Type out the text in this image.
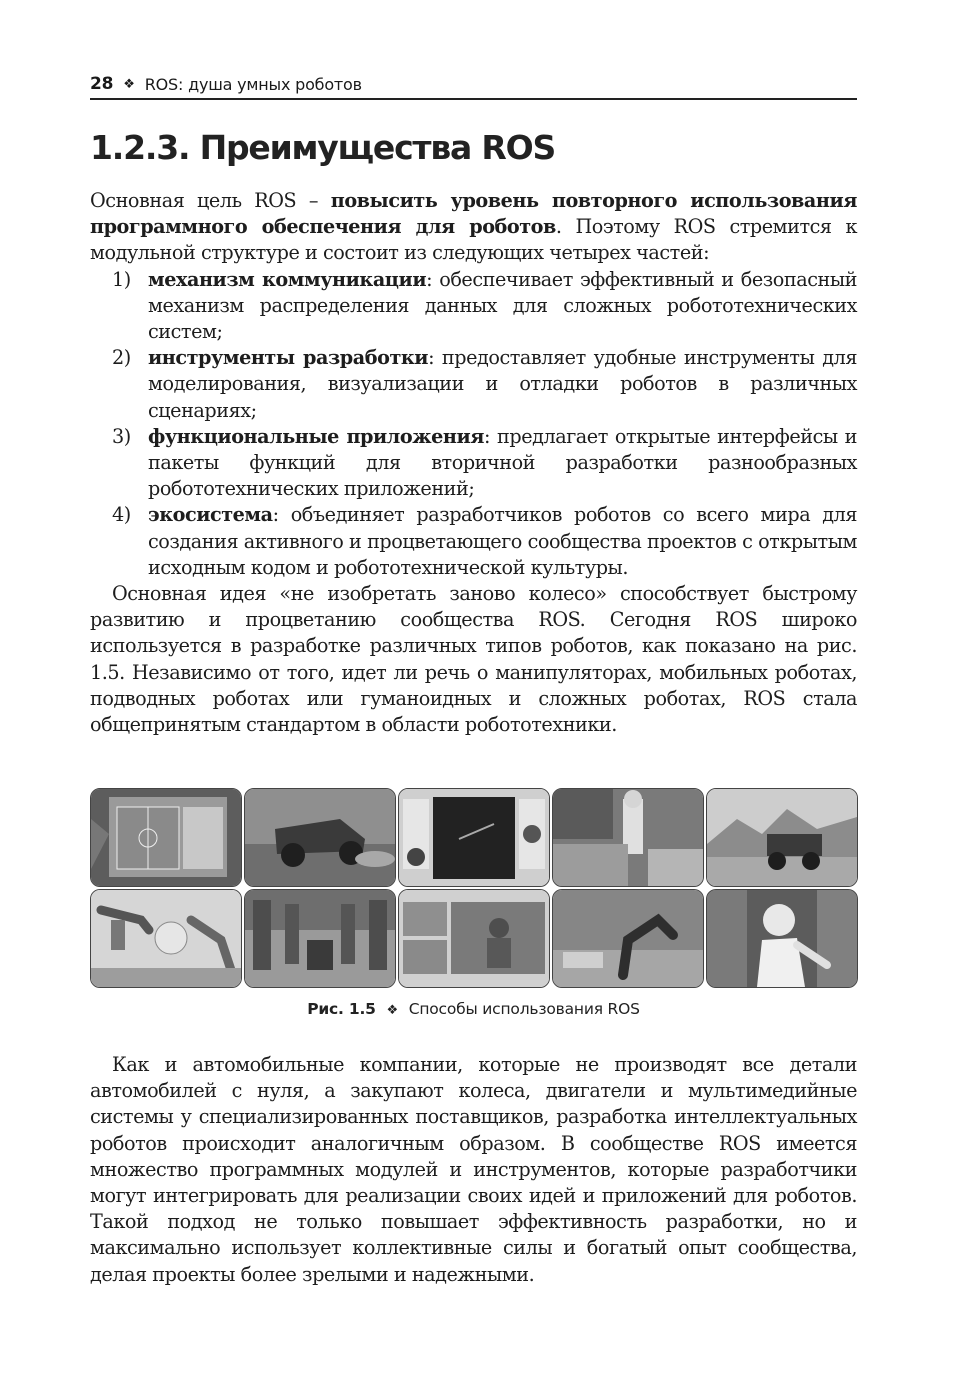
28 ❖ ROS: душа умных роботов
1.2.3. Преимущества ROS

Основная цель ROS – повысить уровень повторного использования программного обеспечения для роботов. Поэтому ROS стремится к модульной структуре и состоит из следующих четырех частей:

1) механизм коммуникации: обеспечивает эффективный и безопасный механизм распределения данных для сложных робототехнических систем;
2) инструменты разработки: предоставляет удобные инструменты для моделирования, визуализации и отладки роботов в различных сценариях;
3) функциональные приложения: предлагает открытые интерфейсы и пакеты функций для вторичной разработки разнообразных робототехнических приложений;
4) экосистема: объединяет разработчиков роботов со всего мира для создания активного и процветающего сообщества проектов с открытым исходным кодом и робототехнической культуры.

Основная идея «не изобретать заново колесо» способствует быстрому развитию и процветанию сообщества ROS. Сегодня ROS широко используется в разработке различных типов роботов, как показано на рис. 1.5. Независимо от того, идет ли речь о манипуляторах, мобильных роботах, подводных роботах или гуманоидных и сложных роботах, ROS стала общепринятым стандартом в области робототехники.

Рис. 1.5 ❖ Способы использования ROS

Как и автомобильные компании, которые не производят все детали автомобилей с нуля, а закупают колеса, двигатели и мультимедийные системы у специализированных поставщиков, разработка интеллектуальных роботов происходит аналогичным образом. В сообществе ROS имеется множество программных модулей и инструментов, которые разработчики могут интегрировать для реализации своих идей и приложений для роботов. Такой подход не только повышает эффективность разработки, но и максимально использует коллективные силы и богатый опыт сообщества, делая проекты более зрелыми и надежными.
